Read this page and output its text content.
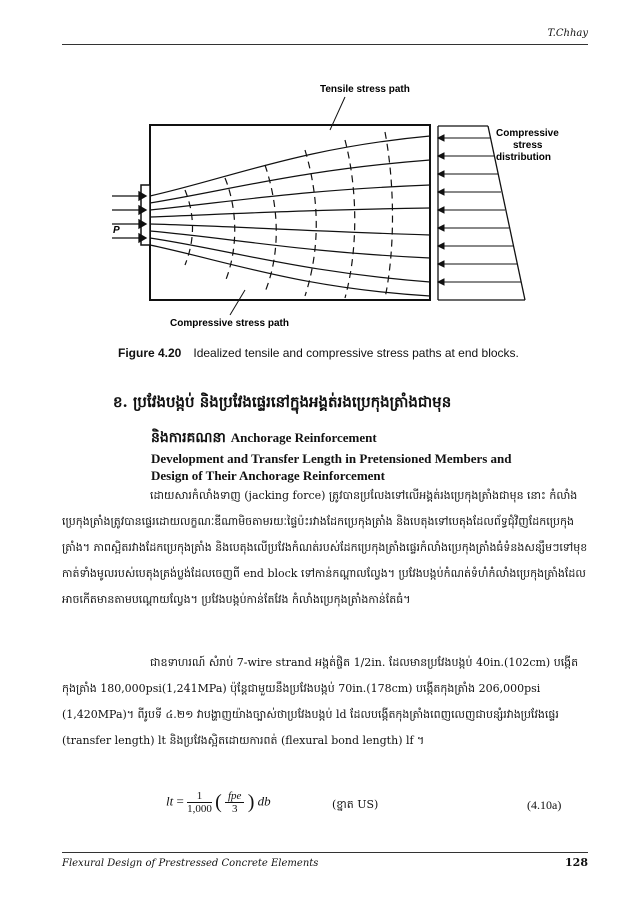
T.Chhay
Tensile stress path
P
Compressive stress path
Compressive
stress
distribution
Figure 4.20 Idealized tensile and compressive stress paths at end blocks.
ខ. ប្រវែងបង្កប់ និងប្រវែងផ្ទេរនៅក្នុងអង្គត់រងប្រេកុងត្រាំងជាមុន
និងការគណនា Anchorage Reinforcement
Development and Transfer Length in Pretensioned Members and
Design of Their Anchorage Reinforcement
ដោយសារកំលាំងទាញ (jacking force) ត្រូវបានប្រលែងទៅលើអង្គត់រងប្រេកុងត្រាំងជាមុន នោះ កំលាំងប្រេកុងត្រាំងត្រូវបានផ្ទេរដោយលក្ខណៈឌីណាមិចតាមរយៈផ្ទៃប៉ះរវាងដែកប្រេកុងត្រាំង និងបេតុងទៅបេតុងដែលព័ទ្ធជុំវិញដែកប្រេកុងត្រាំង។ ភាពស្អិតរវាងដែកប្រេកុងត្រាំង និងបេតុងលើប្រវែងកំណត់របស់ដែកប្រេកុងត្រាំងផ្ទេរកំលាំងប្រេកុងត្រាំងធំទំនងសន្សឹមៗទៅមុខកាត់ទាំងមូលរបស់បេតុងត្រង់ប្លង់ដែលចេញពី end block ទៅកាន់កណ្តាលល្វែង។ ប្រវែងបង្កប់កំណត់ទំហំកំលាំងប្រេកុងត្រាំងដែលអាចកើតមានតាមបណ្តោយល្វែង។ ប្រវែងបង្កប់កាន់តែវែង កំលាំងប្រេកុងត្រាំងកាន់តែធំ។
ជាឧទាហរណ៍ សំរាប់ 7-wire strand អង្កត់ផ្ចិត 1/2in. ដែលមានប្រវែងបង្កប់ 40in.(102cm) បង្កើតកុងត្រាំង 180,000psi(1,241MPa) ប៉ុន្តែជាមួយនឹងប្រវែងបង្កប់ 70in.(178cm) បង្កើតកុងត្រាំង 206,000psi (1,420MPa)។ ពីរូបទី ៤.២១ វាបង្ហាញយ៉ាងច្បាស់ថាប្រវែងបង្កប់ ld ដែលបង្កើតកុងត្រាំងពេញលេញជាបន្សំរវាងប្រវែងផ្ទេរ (transfer length) lt និងប្រវែងស្អិតដោយការពត់ (flexural bond length) lf ។
lt = $\frac{1}{1,000}$ ( $\frac{\text{fpe}}{3}$ ) db	(ខ្នាត US)	(4.10a)
Flexural Design of Prestressed Concrete Elements	128
